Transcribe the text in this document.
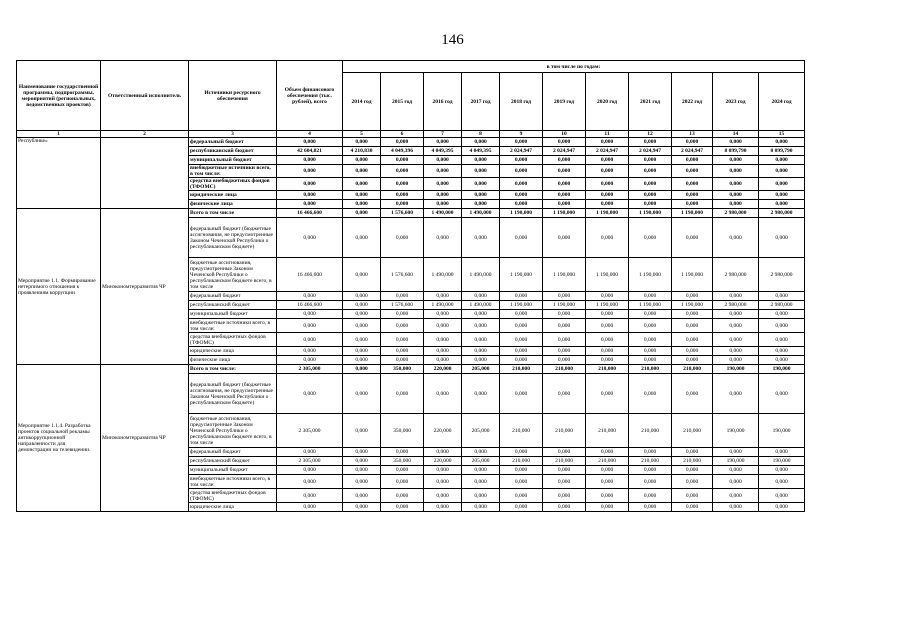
146
Наименование государственной программы, подпрограммы, мероприятий (региональных, ведомственных проектов)	Ответственный исполнитель	Источники ресурсного обеспечения	Объем финансового обеспечения (тыс. рублей), всего	в том числе по годам:										
				2014 год	2015 год	2016 год	2017 год	2018 год	2019 год	2020 год	2021 год	2022 год	2023 год	2024 год
1	2	3	4	5	6	7	8	9	10	11	12	13	14	15
Республике»		федеральный бюджет	0,000	0,000	0,000	0,000	0,000	0,000	0,000	0,000	0,000	0,000	0,000	0,000
		республиканский бюджет	42 604,821	4 210,830	4 049,396	4 049,395	4 049,395	2 024,947	2 024,947	2 024,947	2 024,947	2 024,947	8 099,790	8 099,790
		муниципальный бюджет	0,000	0,000	0,000	0,000	0,000	0,000	0,000	0,000	0,000	0,000	0,000	0,000
		внебюджетные источники всего, в том числе:	0,000	0,000	0,000	0,000	0,000	0,000	0,000	0,000	0,000	0,000	0,000	0,000
		средства внебюджетных фондов (ТФОМС)	0,000	0,000	0,000	0,000	0,000	0,000	0,000	0,000	0,000	0,000	0,000	0,000
		юридические лица	0,000	0,000	0,000	0,000	0,000	0,000	0,000	0,000	0,000	0,000	0,000	0,000
		физические лица	0,000	0,000	0,000	0,000	0,000	0,000	0,000	0,000	0,000	0,000	0,000	0,000
Мероприятие 1.1. Формирование нетерпимого отношения к проявлениям коррупции	Минэкономтерразвития ЧР	Всего в том числе	16 466,600	0,000	1 576,600	1 490,000	1 490,000	1 190,000	1 190,000	1 190,000	1 190,000	1 190,000	2 980,000	2 980,000
		федеральный бюджет (бюджетные ассигнования, не предусмотренные Законом Чеченской Республики о республиканском бюджете)	0,000	0,000	0,000	0,000	0,000	0,000	0,000	0,000	0,000	0,000	0,000	0,000
		бюджетные ассигнования, предусмотренные Законом Чеченской Республики о республиканском бюджете всего, в том числе	16 466,600	0,000	1 576,600	1 490,000	1 490,000	1 190,000	1 190,000	1 190,000	1 190,000	1 190,000	2 980,000	2 980,000
		федеральный бюджет	0,000	0,000	0,000	0,000	0,000	0,000	0,000	0,000	0,000	0,000	0,000	0,000
		республиканский бюджет	16 466,600	0,000	1 576,600	1 490,000	1 490,000	1 190,000	1 190,000	1 190,000	1 190,000	1 190,000	2 980,000	2 980,000
		муниципальный бюджет	0,000	0,000	0,000	0,000	0,000	0,000	0,000	0,000	0,000	0,000	0,000	0,000
		внебюджетные источники всего, в том числе:	0,000	0,000	0,000	0,000	0,000	0,000	0,000	0,000	0,000	0,000	0,000	0,000
		средства внебюджетных фондов (ТФОМС)	0,000	0,000	0,000	0,000	0,000	0,000	0,000	0,000	0,000	0,000	0,000	0,000
		юридические лица	0,000	0,000	0,000	0,000	0,000	0,000	0,000	0,000	0,000	0,000	0,000	0,000
		физические лица	0,000	0,000	0,000	0,000	0,000	0,000	0,000	0,000	0,000	0,000	0,000	0,000
Мероприятие 1.1.4. Разработка проектов социальной рекламы антикоррупционной направленности для демонстрации на телевидении.	Минэкономтерразвития ЧР	Всего в том числе:	2 305,000	0,000	350,000	220,000	205,000	210,000	210,000	210,000	210,000	210,000	190,000	190,000
		федеральный бюджет (бюджетные ассигнования, не предусмотренные Законом Чеченской Республики о республиканском бюджете)	0,000	0,000	0,000	0,000	0,000	0,000	0,000	0,000	0,000	0,000	0,000	0,000
		бюджетные ассигнования, предусмотренные Законом Чеченской Республики о республиканском бюджете всего, в том числе	2 305,000	0,000	350,000	220,000	205,000	210,000	210,000	210,000	210,000	210,000	190,000	190,000
		федеральный бюджет	0,000	0,000	0,000	0,000	0,000	0,000	0,000	0,000	0,000	0,000	0,000	0,000
		республиканский бюджет	2 305,000	0,000	350,000	220,000	205,000	210,000	210,000	210,000	210,000	210,000	190,000	190,000
		муниципальный бюджет	0,000	0,000	0,000	0,000	0,000	0,000	0,000	0,000	0,000	0,000	0,000	0,000
		внебюджетные источники всего, в том числе:	0,000	0,000	0,000	0,000	0,000	0,000	0,000	0,000	0,000	0,000	0,000	0,000
		средства внебюджетных фондов (ТФОМС)	0,000	0,000	0,000	0,000	0,000	0,000	0,000	0,000	0,000	0,000	0,000	0,000
		юридические лица	0,000	0,000	0,000	0,000	0,000	0,000	0,000	0,000	0,000	0,000	0,000	0,000
